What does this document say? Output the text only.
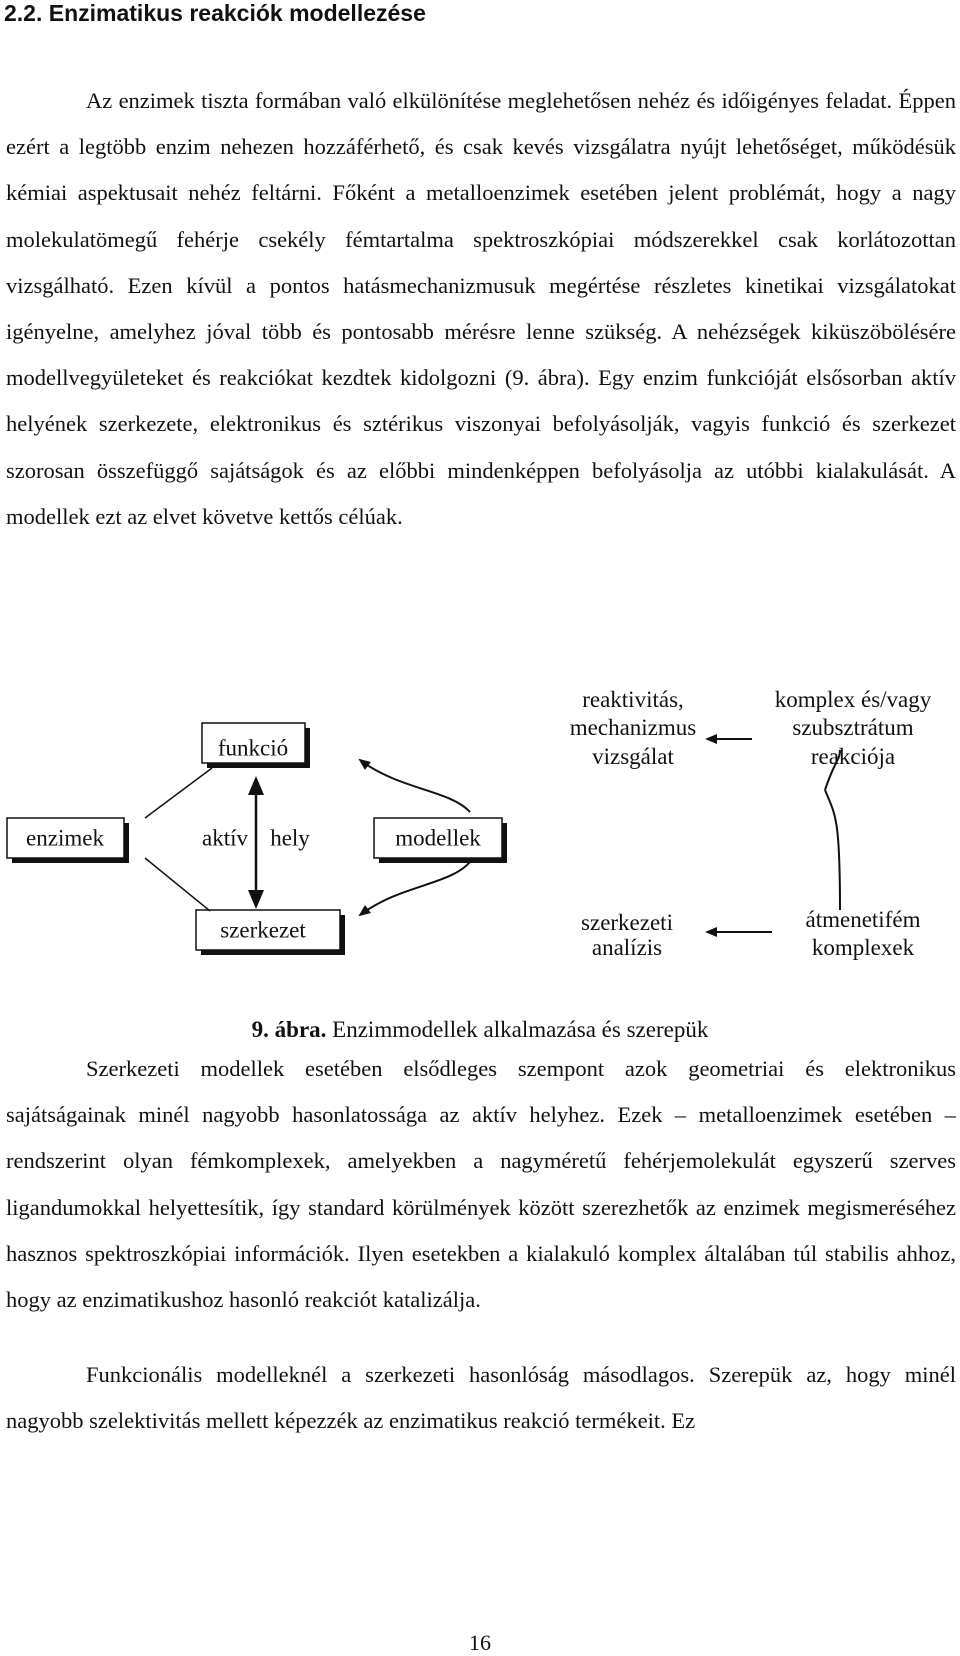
2.2. Enzimatikus reakciók modellezése

Az enzimek tiszta formában való elkülönítése meglehetősen nehéz és időigényes feladat. Éppen ezért a legtöbb enzim nehezen hozzáférhető, és csak kevés vizsgálatra nyújt lehetőséget, működésük kémiai aspektusait nehéz feltárni. Főként a metalloenzimek esetében jelent problémát, hogy a nagy molekulatömegű fehérje csekély fémtartalma spektroszkópiai módszerekkel csak korlátozottan vizsgálható. Ezen kívül a pontos hatásmechanizmusuk megértése részletes kinetikai vizsgálatokat igényelne, amelyhez jóval több és pontosabb mérésre lenne szükség. A nehézségek kiküszöbölésére modellvegyületeket és reakciókat kezdtek kidolgozni (9. ábra). Egy enzim funkcióját elsősorban aktív helyének szerkezete, elektronikus és sztérikus viszonyai befolyásolják, vagyis funkció és szerkezet szorosan összefüggő sajátságok és az előbbi mindenképpen befolyásolja az utóbbi kialakulását. A modellek ezt az elvet követve kettős célúak.

funkció
enzimek	modellek
szerkezet
aktív hely
reaktivitás,
mechanizmus
vizsgálat
komplex és/vagy
szubsztrátum
reakciója
szerkezeti
analízis
átmenetifém
komplexek
9. ábra. Enzimmodellek alkalmazása és szerepük

Szerkezeti modellek esetében elsődleges szempont azok geometriai és elektronikus sajátságainak minél nagyobb hasonlatossága az aktív helyhez. Ezek – metalloenzimek esetében – rendszerint olyan fémkomplexek, amelyekben a nagyméretű fehérjemolekulát egyszerű szerves ligandumokkal helyettesítik, így standard körülmények között szerezhetők az enzimek megismeréséhez hasznos spektroszkópiai információk. Ilyen esetekben a kialakuló komplex általában túl stabilis ahhoz, hogy az enzimatikushoz hasonló reakciót katalizálja.

Funkcionális modelleknél a szerkezeti hasonlóság másodlagos. Szerepük az, hogy minél nagyobb szelektivitás mellett képezzék az enzimatikus reakció termékeit. Ez

16
